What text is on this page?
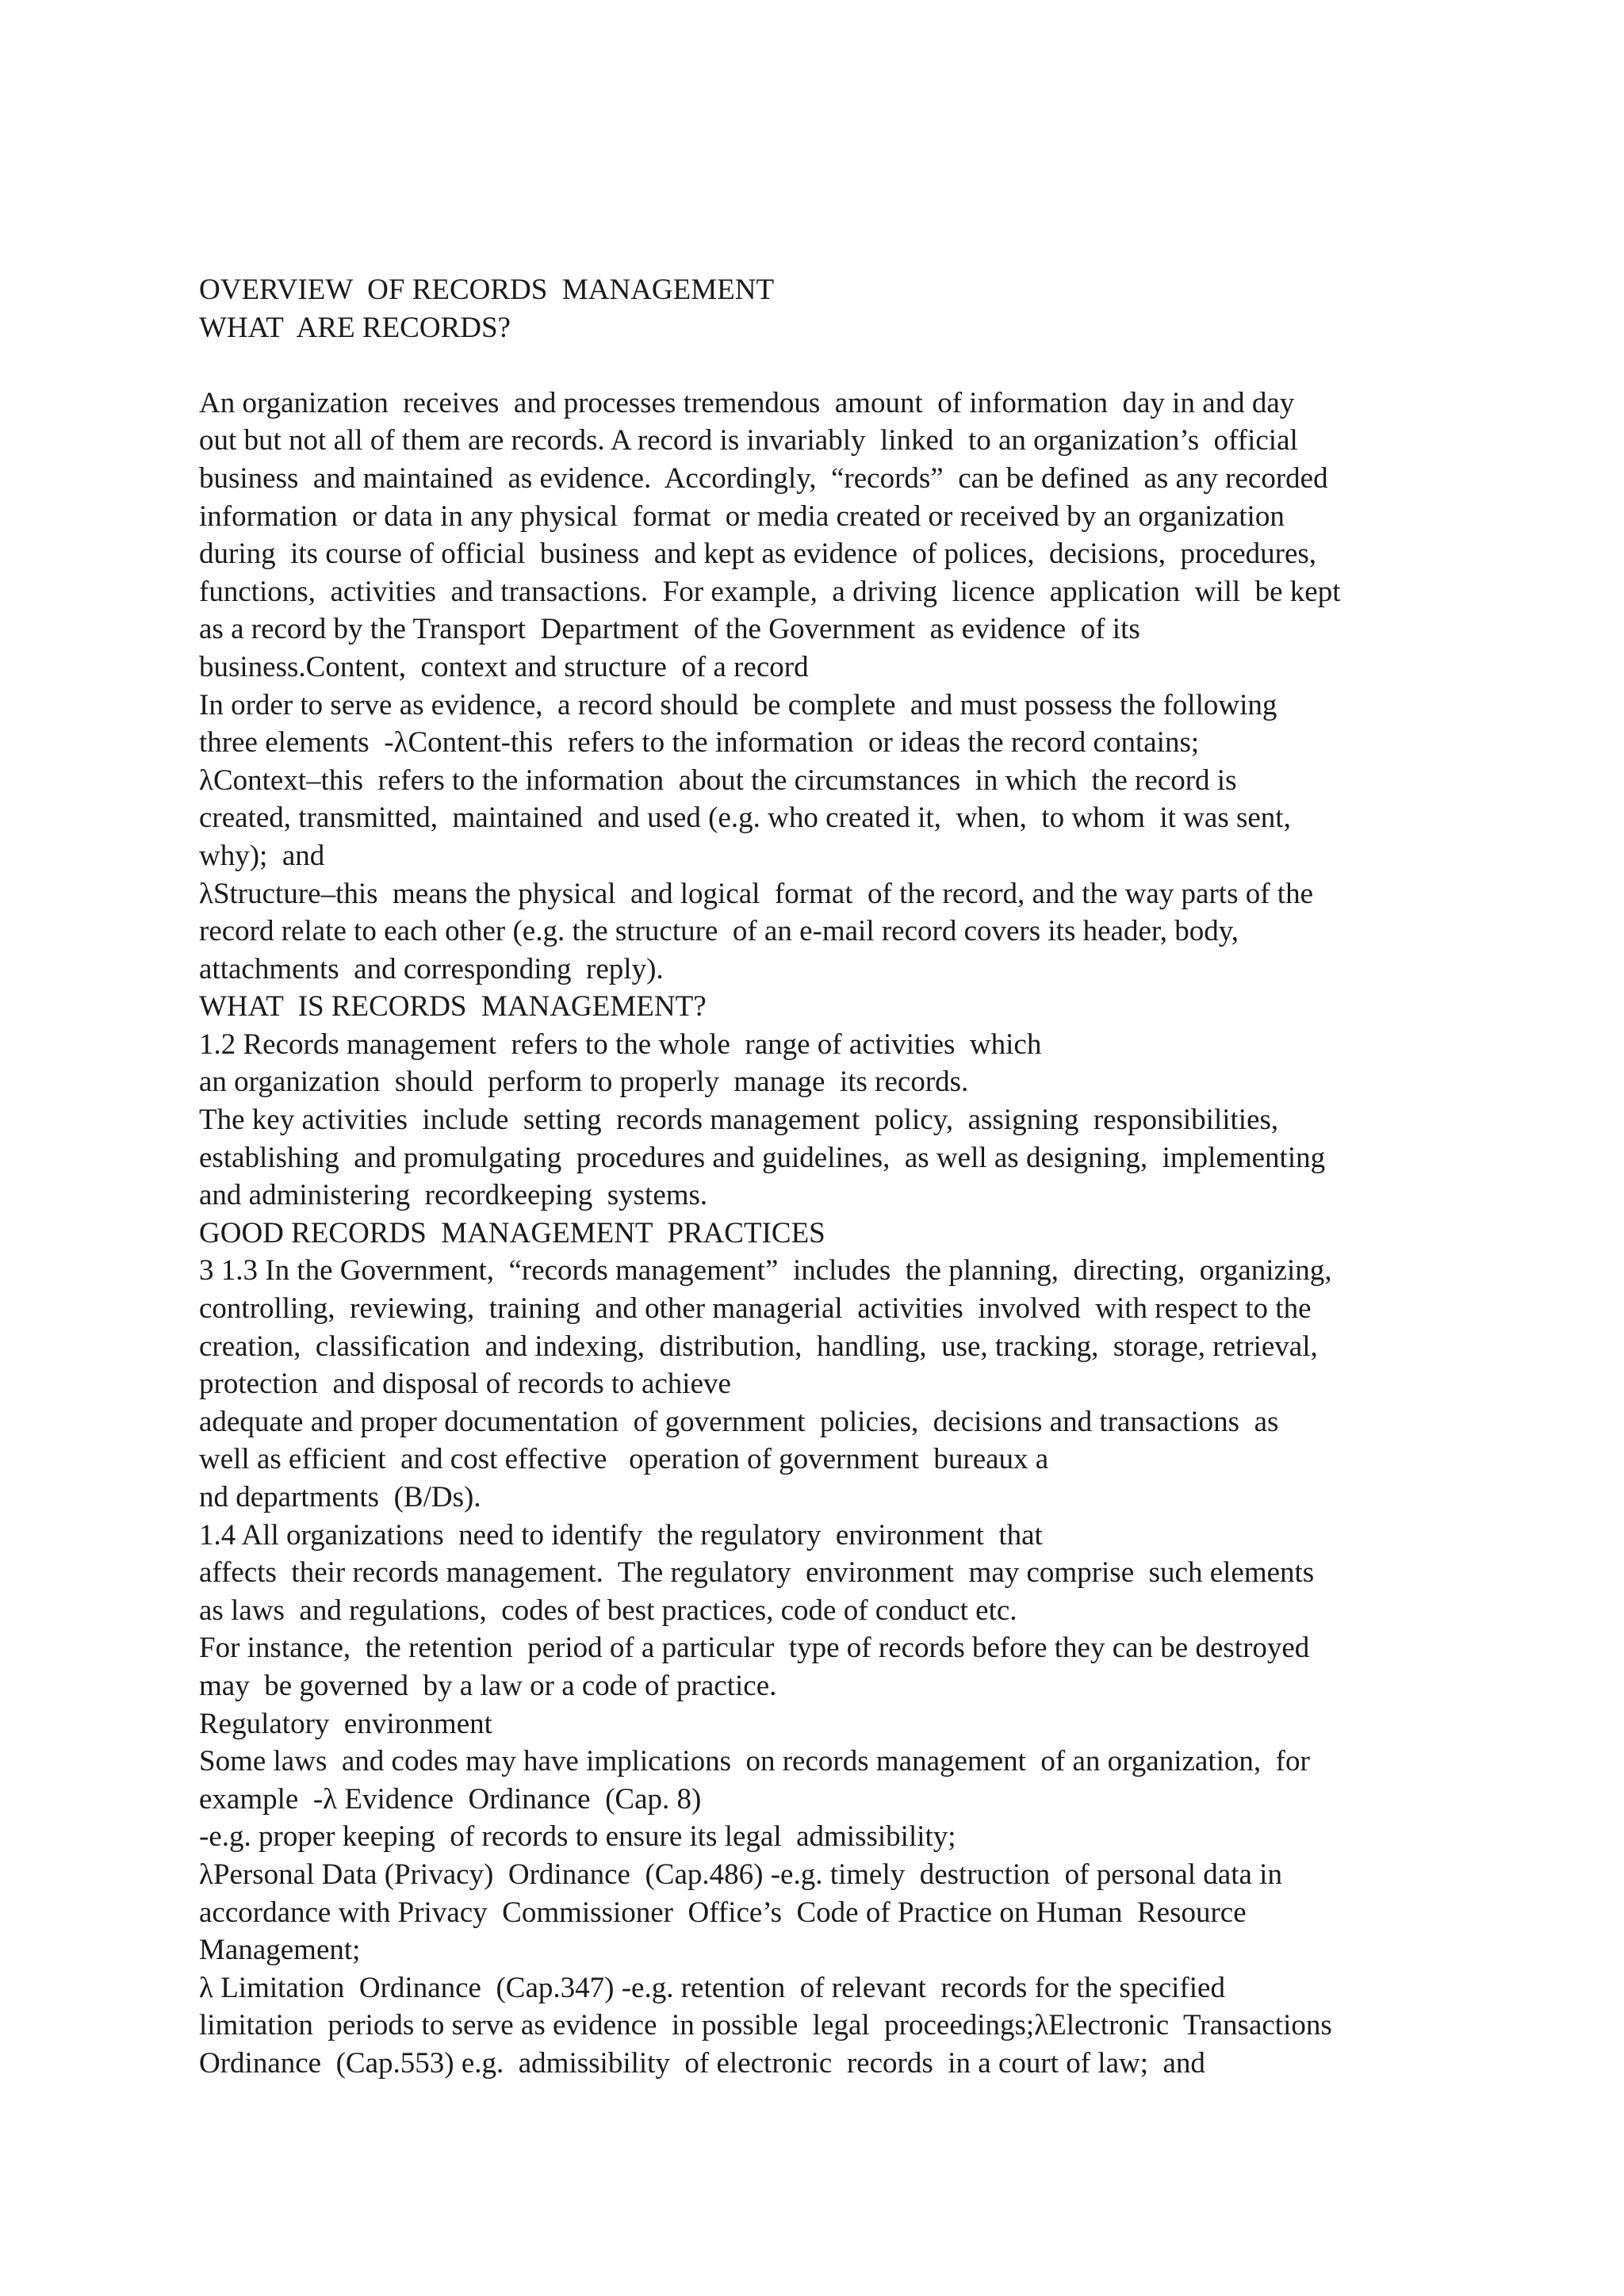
OVERVIEW  OF RECORDS  MANAGEMENT
WHAT  ARE RECORDS?
An organization  receives  and processes tremendous  amount  of information  day in and day
out but not all of them are records. A record is invariably  linked  to an organization’s  official
business  and maintained  as evidence.  Accordingly,  “records”  can be defined  as any recorded
information  or data in any physical  format  or media created or received by an organization
during  its course of official  business  and kept as evidence  of polices,  decisions,  procedures,
functions,  activities  and transactions.  For example,  a driving  licence  application  will  be kept
as a record by the Transport  Department  of the Government  as evidence  of its
business.Content,  context and structure  of a record
In order to serve as evidence,  a record should  be complete  and must possess the following
three elements  -λContent-this  refers to the information  or ideas the record contains;
λContext–this  refers to the information  about the circumstances  in which  the record is
created, transmitted,  maintained  and used (e.g. who created it,  when,  to whom  it was sent,
why);  and
λStructure–this  means the physical  and logical  format  of the record, and the way parts of the
record relate to each other (e.g. the structure  of an e-mail record covers its header, body,
attachments  and corresponding  reply).
WHAT  IS RECORDS  MANAGEMENT?
1.2 Records management  refers to the whole  range of activities  which
an organization  should  perform to properly  manage  its records.
The key activities  include  setting  records management  policy,  assigning  responsibilities,
establishing  and promulgating  procedures and guidelines,  as well as designing,  implementing
and administering  recordkeeping  systems.
GOOD RECORDS  MANAGEMENT  PRACTICES
3 1.3 In the Government,  “records management”  includes  the planning,  directing,  organizing,
controlling,  reviewing,  training  and other managerial  activities  involved  with respect to the
creation,  classification  and indexing,  distribution,  handling,  use, tracking,  storage, retrieval,
protection  and disposal of records to achieve
adequate and proper documentation  of government  policies,  decisions and transactions  as
well as efficient  and cost effective   operation of government  bureaux a
nd departments  (B/Ds).
1.4 All organizations  need to identify  the regulatory  environment  that
affects  their records management.  The regulatory  environment  may comprise  such elements
as laws  and regulations,  codes of best practices, code of conduct etc.
For instance,  the retention  period of a particular  type of records before they can be destroyed
may  be governed  by a law or a code of practice.
Regulatory  environment
Some laws  and codes may have implications  on records management  of an organization,  for
example  -λ Evidence  Ordinance  (Cap. 8)
-e.g. proper keeping  of records to ensure its legal  admissibility;
λPersonal Data (Privacy)  Ordinance  (Cap.486) -e.g. timely  destruction  of personal data in
accordance with Privacy  Commissioner  Office’s  Code of Practice on Human  Resource
Management;
λ Limitation  Ordinance  (Cap.347) -e.g. retention  of relevant  records for the specified
limitation  periods to serve as evidence  in possible  legal  proceedings;λElectronic  Transactions
Ordinance  (Cap.553) e.g.  admissibility  of electronic  records  in a court of law;  and
